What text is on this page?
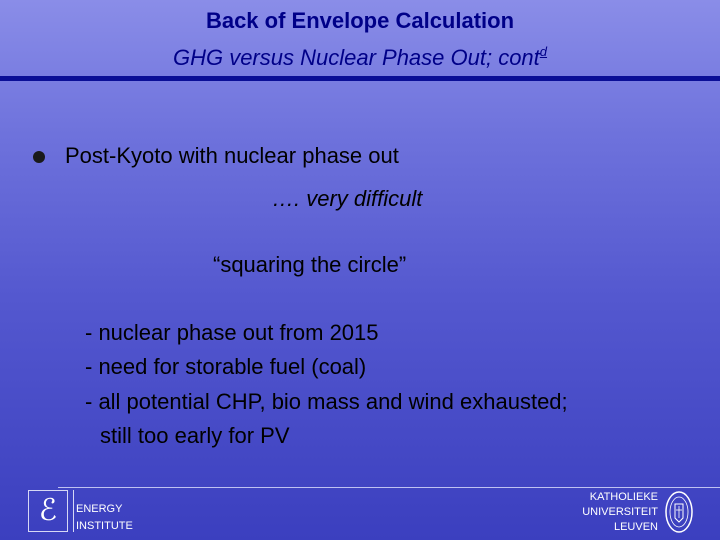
Back of Envelope Calculation
GHG versus Nuclear Phase Out; cont$^d$
Post-Kyoto with nuclear phase out
…. very difficult
“squaring the circle”
- nuclear phase out from 2015
- need for storable fuel (coal)
- all potential CHP, bio mass and wind exhausted;
still too early for PV
ℰ	ENERGY
INSTITUTE
KATHOLIEKE
UNIVERSITEIT
LEUVEN
